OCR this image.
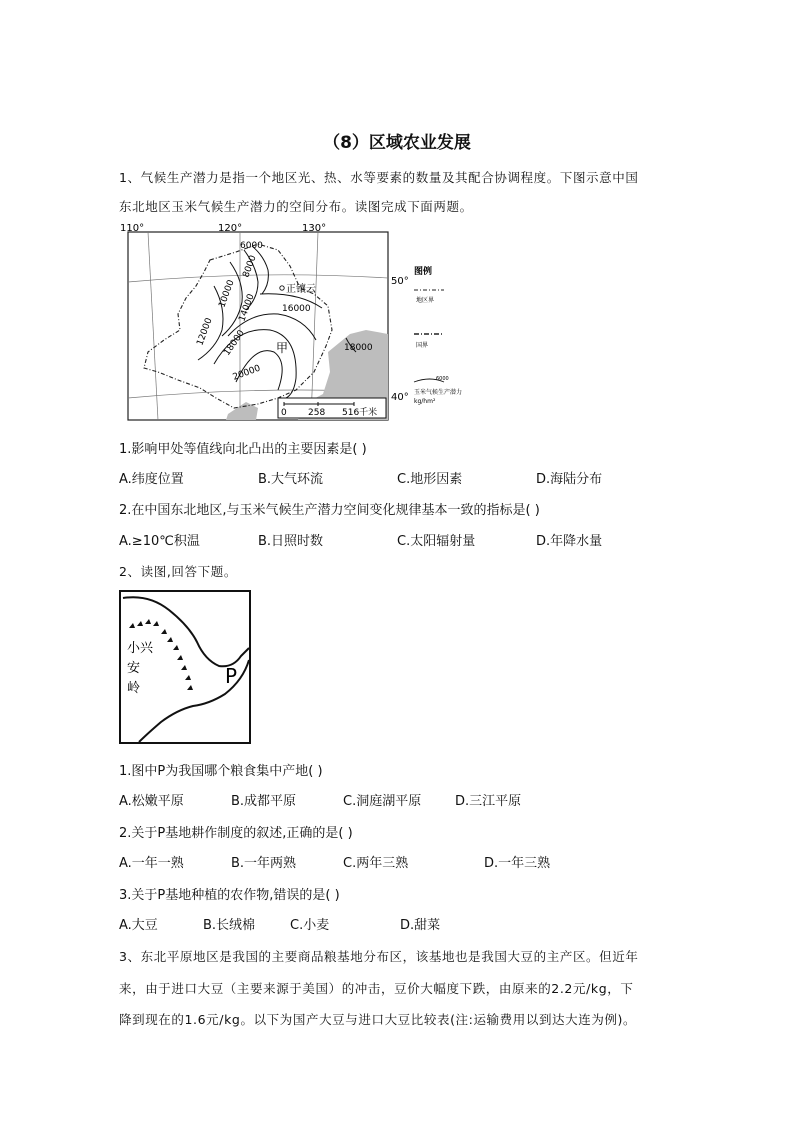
（8）区域农业发展
1、气候生产潜力是指一个地区光、热、水等要素的数量及其配合协调程度。下图示意中国
东北地区玉米气候生产潜力的空间分布。读图完成下面两题。
110°	120°	130°
50°
40°
6000
8000
10000
12000
14000	16000
18000	18000
20000
正镶云
甲
0 258 516千米
图例
地区界
国界
6000
玉米气候生产潜力
kg/hm²
1.影响甲处等值线向北凸出的主要因素是( )
A.纬度位置	B.大气环流	C.地形因素	D.海陆分布
2.在中国东北地区,与玉米气候生产潜力空间变化规律基本一致的指标是( )
A.≥10℃积温	B.日照时数	C.太阳辐射量	D.年降水量
2、读图,回答下题。
小 兴
安
岭
P
1.图中P为我国哪个粮食集中产地( )
A.松嫩平原	B.成都平原	C.洞庭湖平原	D.三江平原
2.关于P基地耕作制度的叙述,正确的是( )
A.一年一熟	B.一年两熟	C.两年三熟	D.一年三熟
3.关于P基地种植的农作物,错误的是( )
A.大豆	B.长绒棉	C.小麦	D.甜菜
3、东北平原地区是我国的主要商品粮基地分布区，该基地也是我国大豆的主产区。但近年
来，由于进口大豆（主要来源于美国）的冲击，豆价大幅度下跌，由原来的2.2元/kg，下
降到现在的1.6元/kg。以下为国产大豆与进口大豆比较表(注:运输费用以到达大连为例)。
